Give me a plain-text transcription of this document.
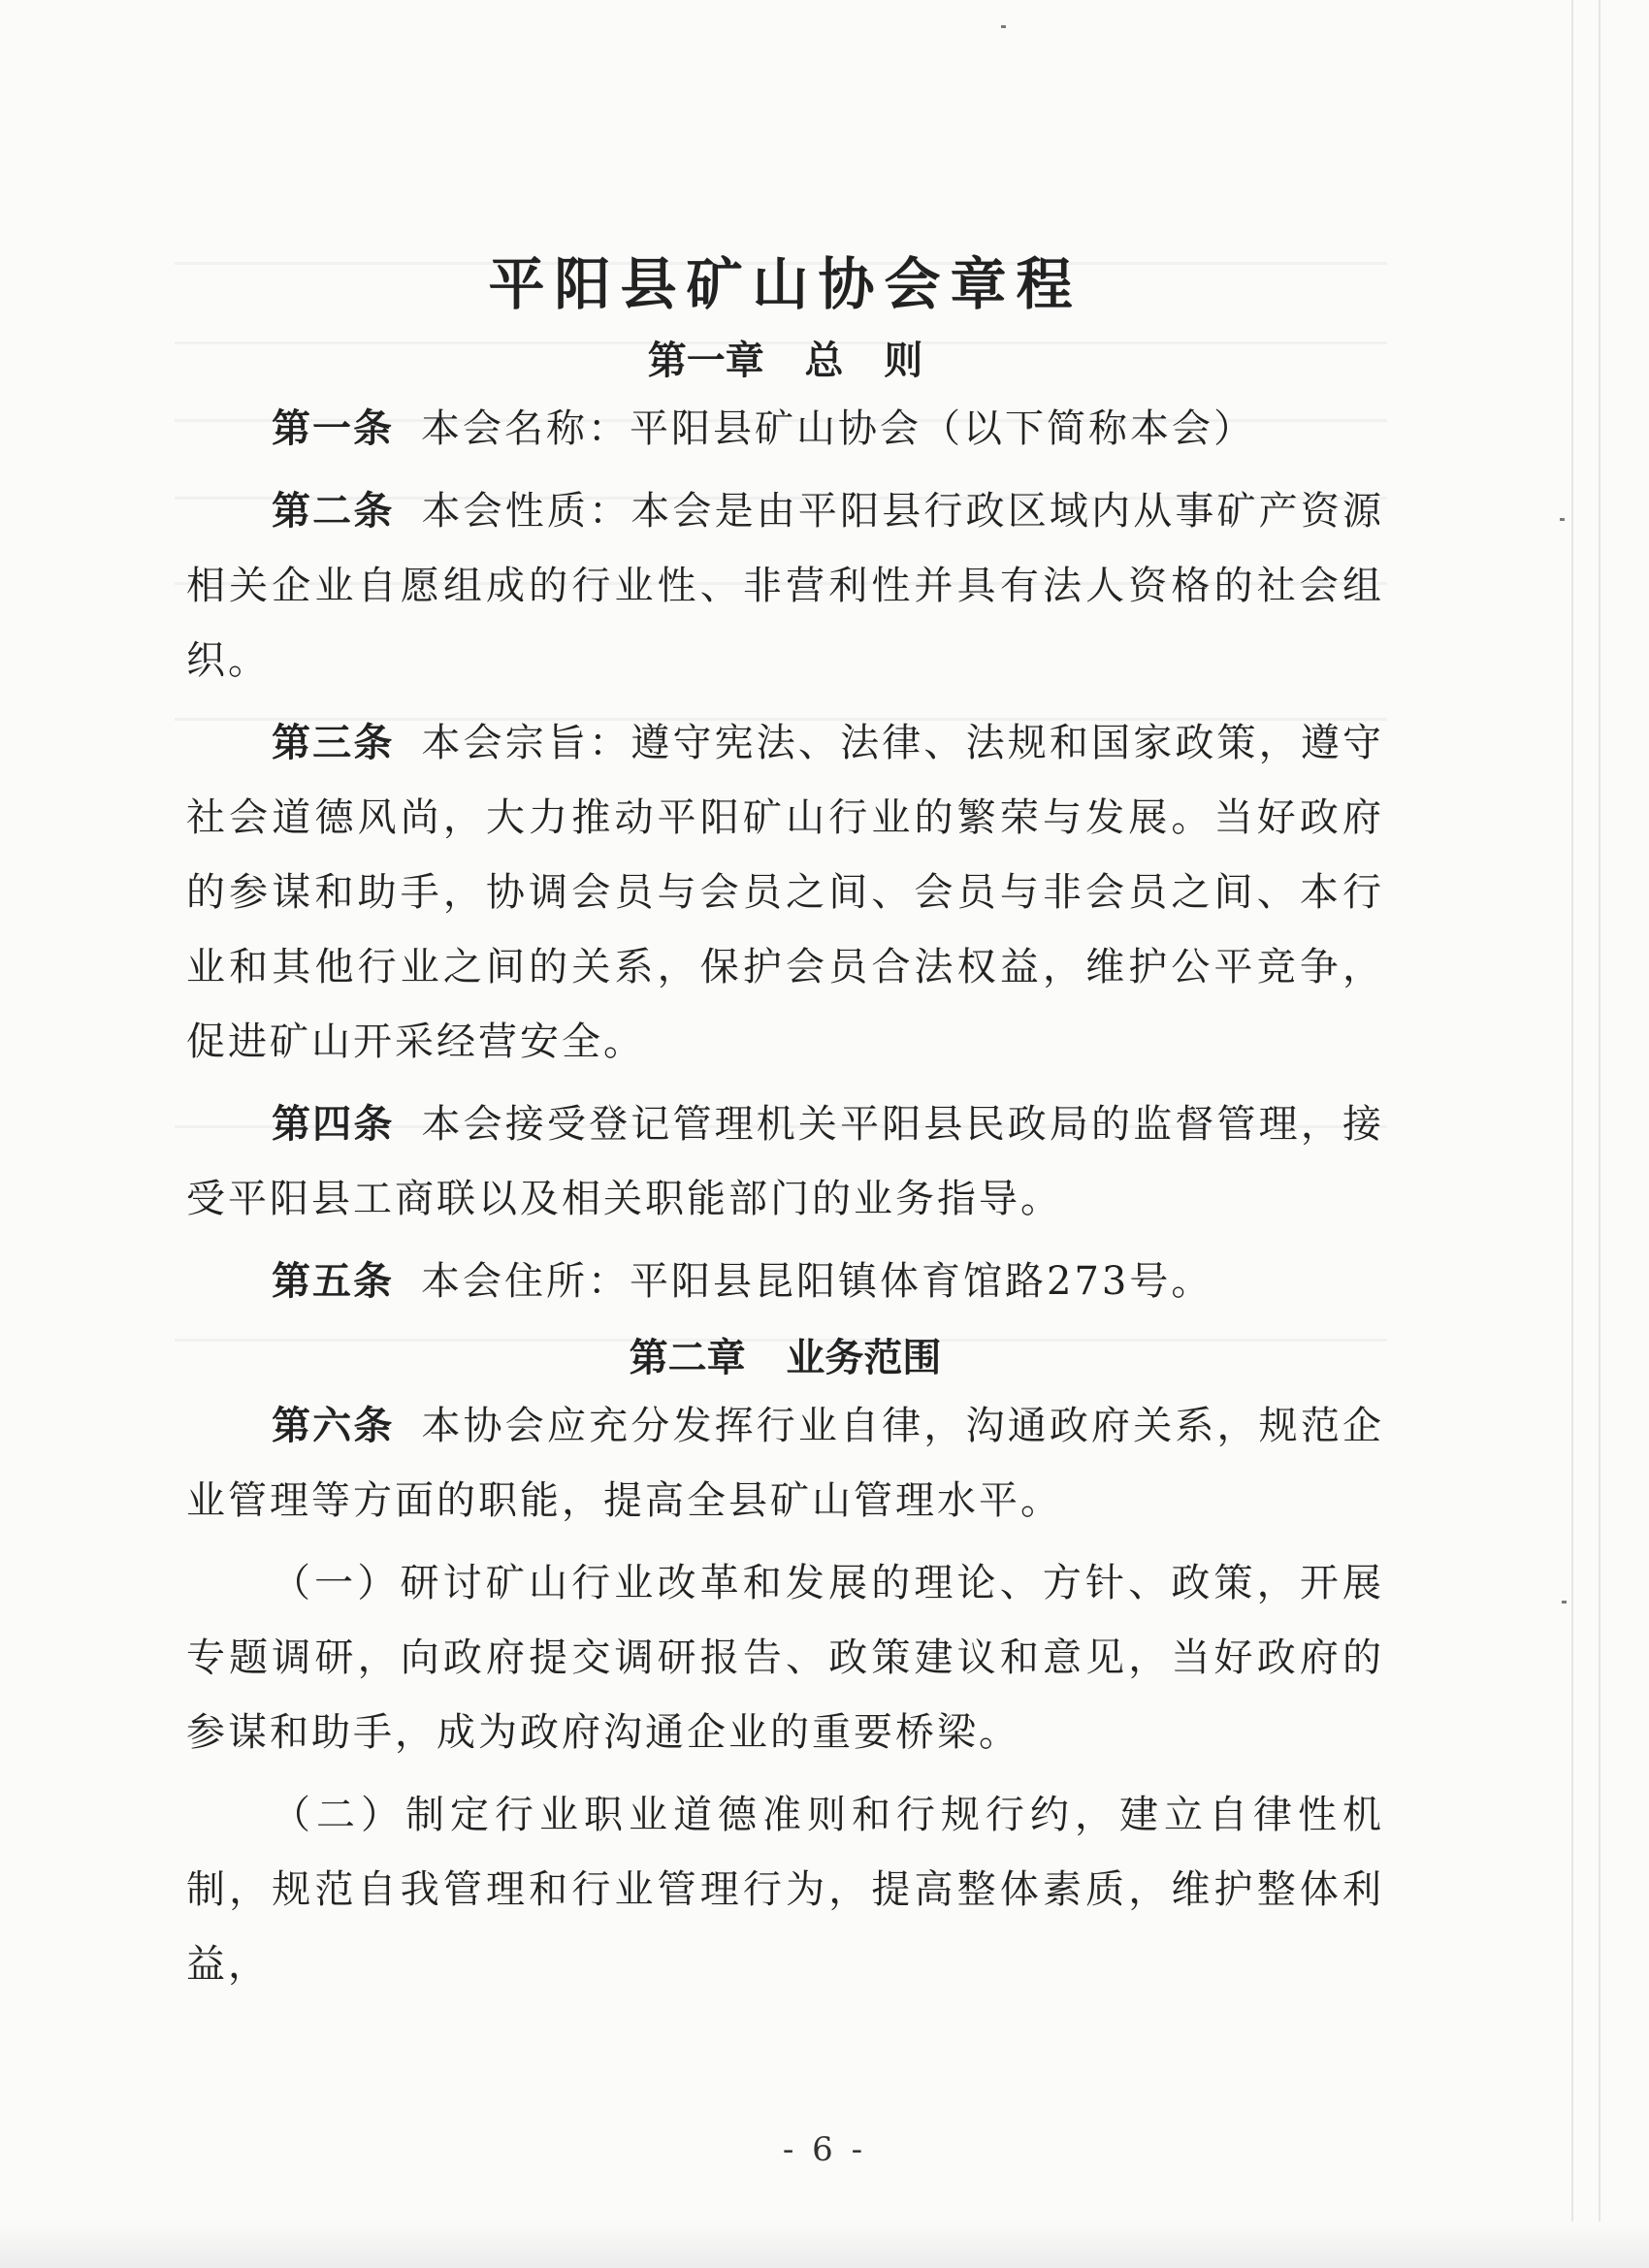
平阳县矿山协会章程
第一章   总   则

第一条 本会名称：平阳县矿山协会（以下简称本会）

第二条 本会性质：本会是由平阳县行政区域内从事矿产资源相关企业自愿组成的行业性、非营利性并具有法人资格的社会组织。

第三条 本会宗旨：遵守宪法、法律、法规和国家政策，遵守社会道德风尚，大力推动平阳矿山行业的繁荣与发展。当好政府的参谋和助手，协调会员与会员之间、会员与非会员之间、本行业和其他行业之间的关系，保护会员合法权益，维护公平竞争，促进矿山开采经营安全。

第四条 本会接受登记管理机关平阳县民政局的监督管理，接受平阳县工商联以及相关职能部门的业务指导。

第五条 本会住所：平阳县昆阳镇体育馆路273号。

第二章   业务范围

第六条 本协会应充分发挥行业自律，沟通政府关系，规范企业管理等方面的职能，提高全县矿山管理水平。

（一）研讨矿山行业改革和发展的理论、方针、政策，开展专题调研，向政府提交调研报告、政策建议和意见，当好政府的参谋和助手，成为政府沟通企业的重要桥梁。

（二）制定行业职业道德准则和行规行约，建立自律性机制，规范自我管理和行业管理行为，提高整体素质，维护整体利益，

- 6 -
